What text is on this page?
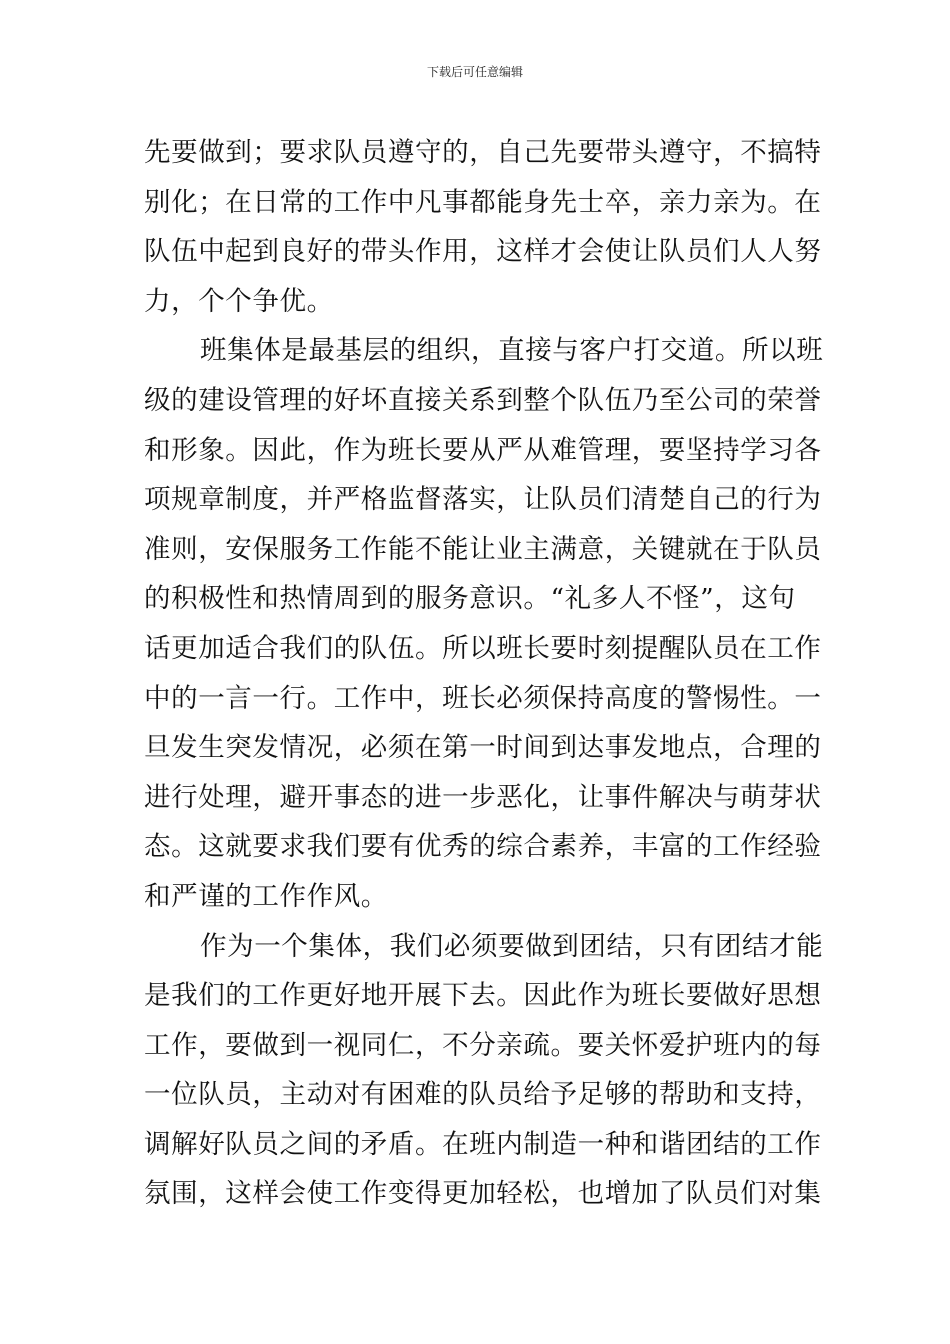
下载后可任意编辑
先要做到；要求队员遵守的，自己先要带头遵守，不搞特
别化；在日常的工作中凡事都能身先士卒，亲力亲为。在
队伍中起到良好的带头作用，这样才会使让队员们人人努
力，个个争优。
班集体是最基层的组织，直接与客户打交道。所以班
级的建设管理的好坏直接关系到整个队伍乃至公司的荣誉
和形象。因此，作为班长要从严从难管理，要坚持学习各
项规章制度，并严格监督落实，让队员们清楚自己的行为
准则，安保服务工作能不能让业主满意，关键就在于队员
的积极性和热情周到的服务意识。“礼多人不怪”，这句
话更加适合我们的队伍。所以班长要时刻提醒队员在工作
中的一言一行。工作中，班长必须保持高度的警惕性。一
旦发生突发情况，必须在第一时间到达事发地点，合理的
进行处理，避开事态的进一步恶化，让事件解决与萌芽状
态。这就要求我们要有优秀的综合素养，丰富的工作经验
和严谨的工作作风。
作为一个集体，我们必须要做到团结，只有团结才能
是我们的工作更好地开展下去。因此作为班长要做好思想
工作，要做到一视同仁，不分亲疏。要关怀爱护班内的每
一位队员，主动对有困难的队员给予足够的帮助和支持，
调解好队员之间的矛盾。在班内制造一种和谐团结的工作
氛围，这样会使工作变得更加轻松，也增加了队员们对集
